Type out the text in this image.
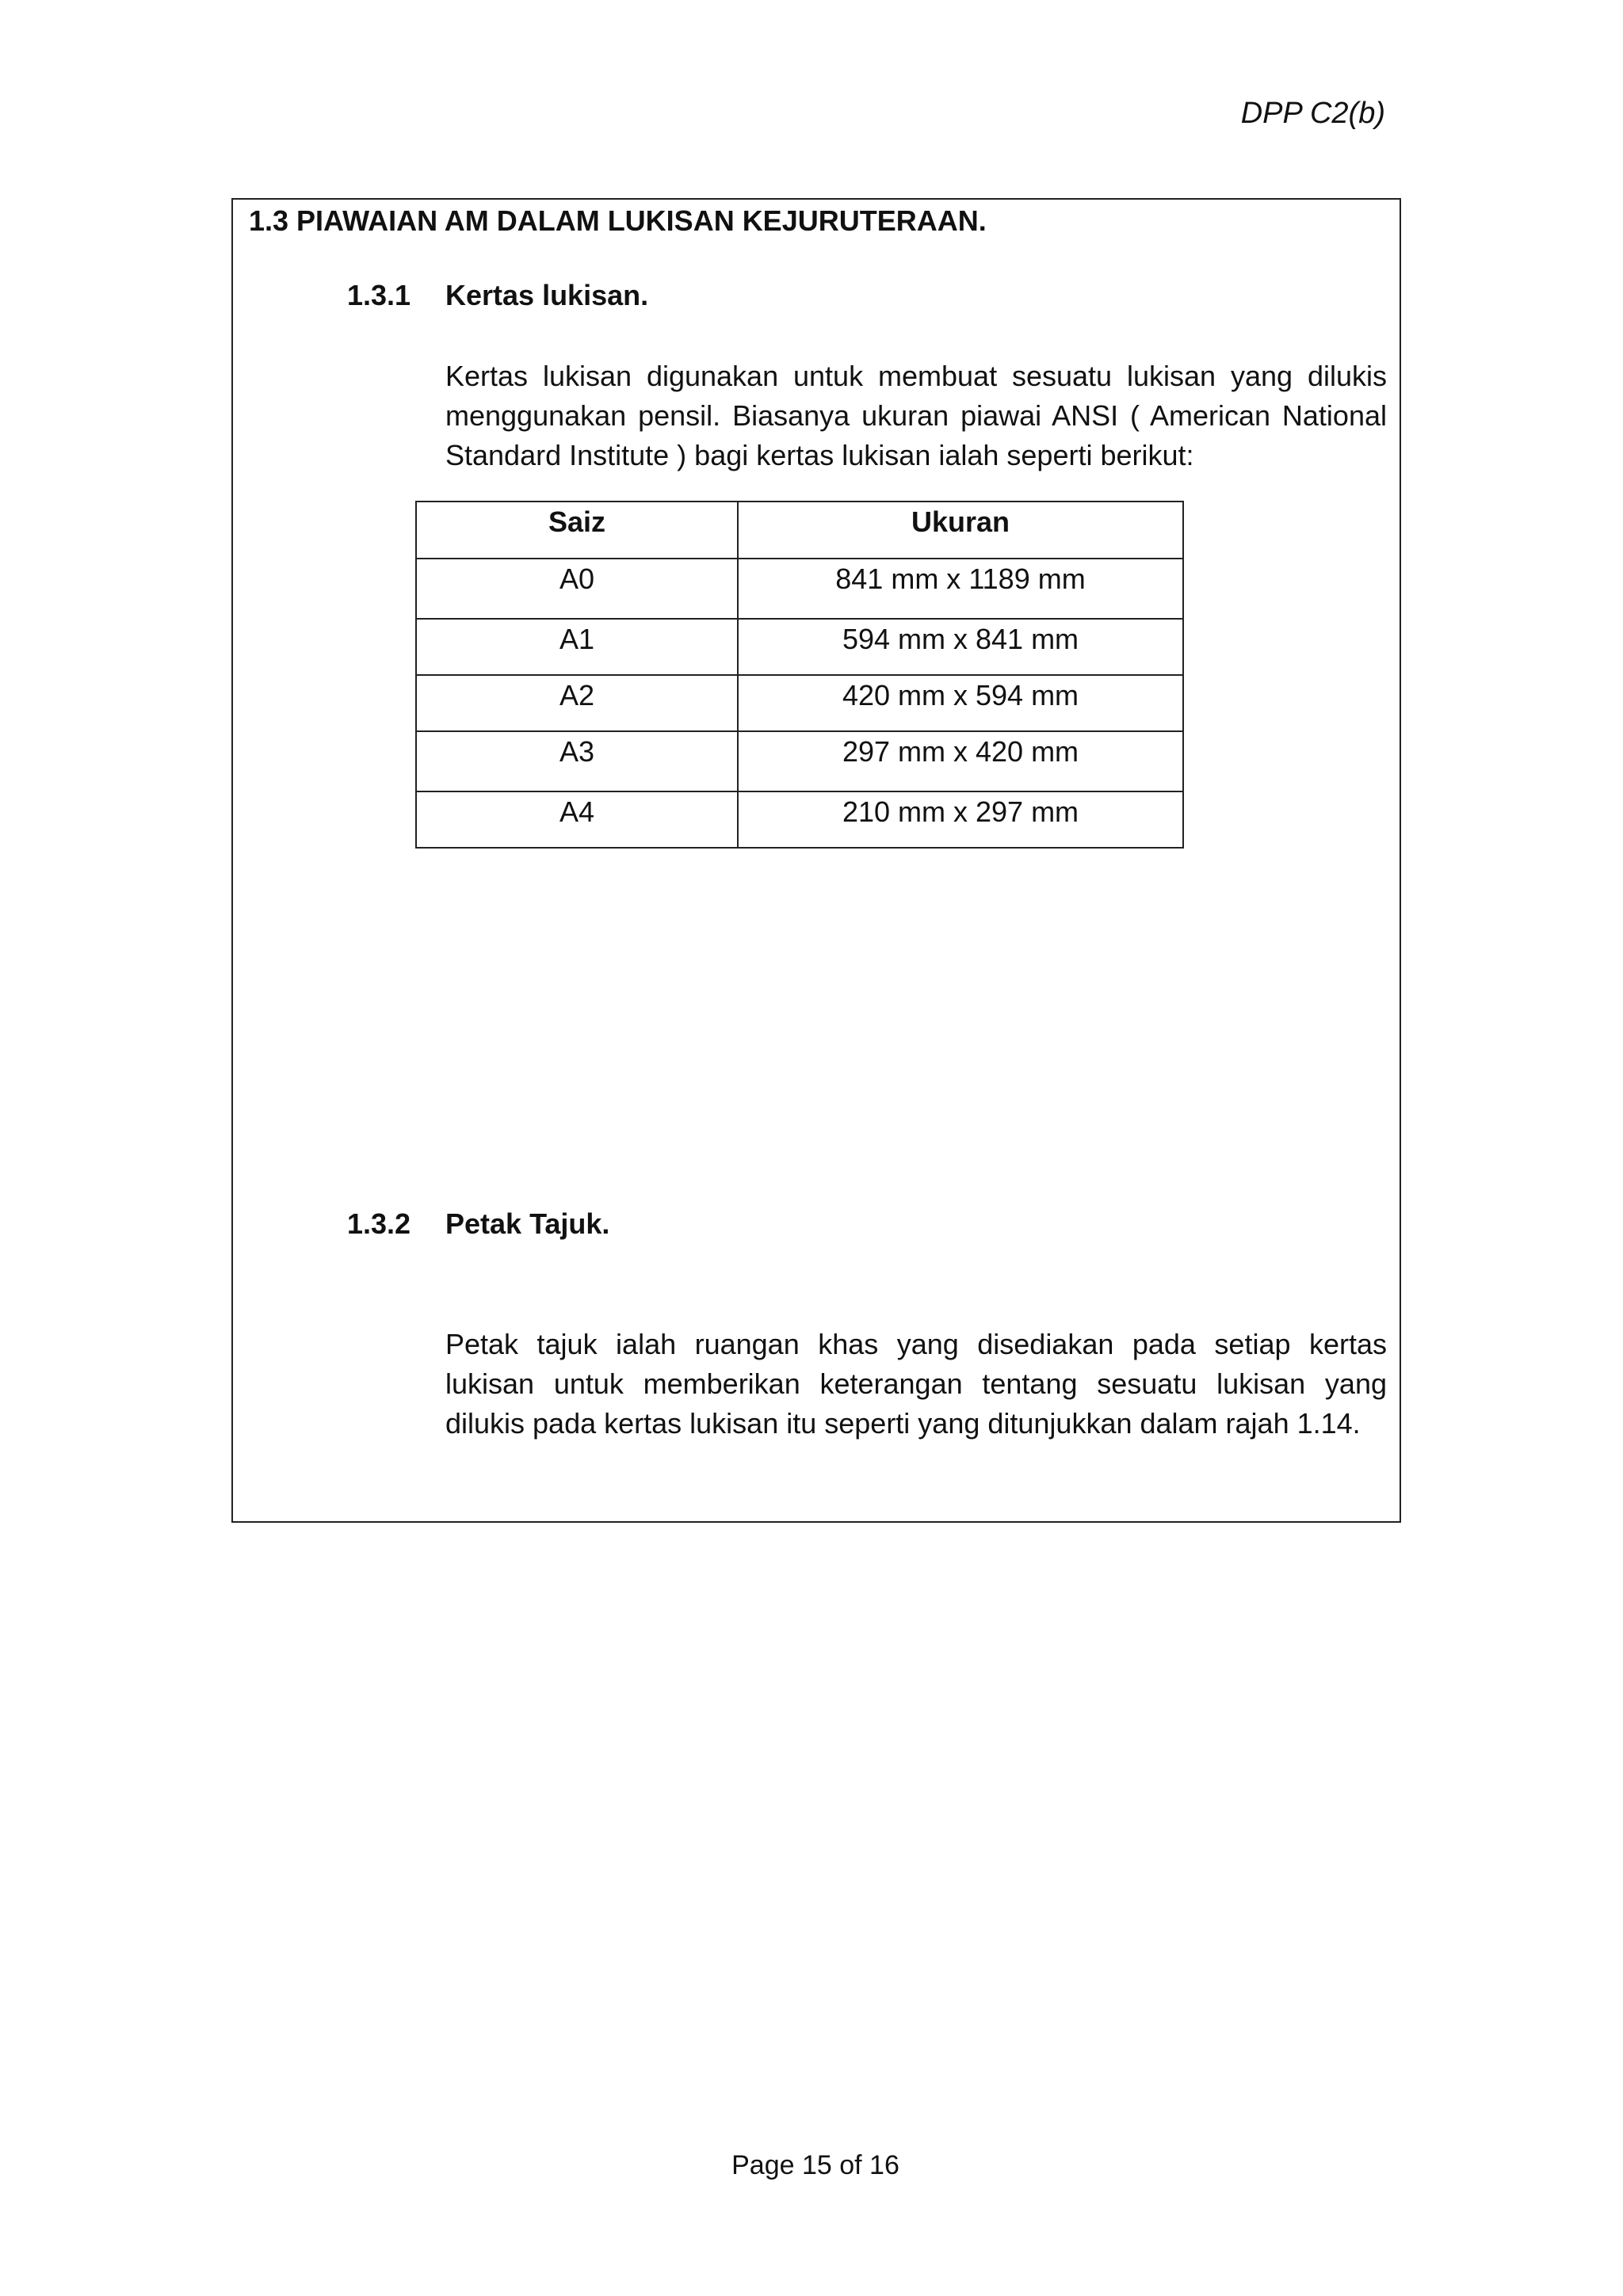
DPP C2(b)
1.3 PIAWAIAN AM DALAM LUKISAN KEJURUTERAAN.
1.3.1 Kertas lukisan.
Kertas lukisan digunakan untuk membuat sesuatu lukisan yang dilukis menggunakan pensil. Biasanya ukuran piawai ANSI ( American National Standard Institute ) bagi kertas lukisan ialah seperti berikut:
Saiz	Ukuran
A0	841 mm x 1189 mm
A1	594 mm x 841 mm
A2	420 mm x 594 mm
A3	297 mm x 420 mm
A4	210 mm x 297 mm
1.3.2 Petak Tajuk.
Petak tajuk ialah ruangan khas yang disediakan pada setiap kertas lukisan untuk memberikan keterangan tentang sesuatu lukisan yang dilukis pada kertas lukisan itu seperti yang ditunjukkan dalam rajah 1.14.
Page 15 of 16
